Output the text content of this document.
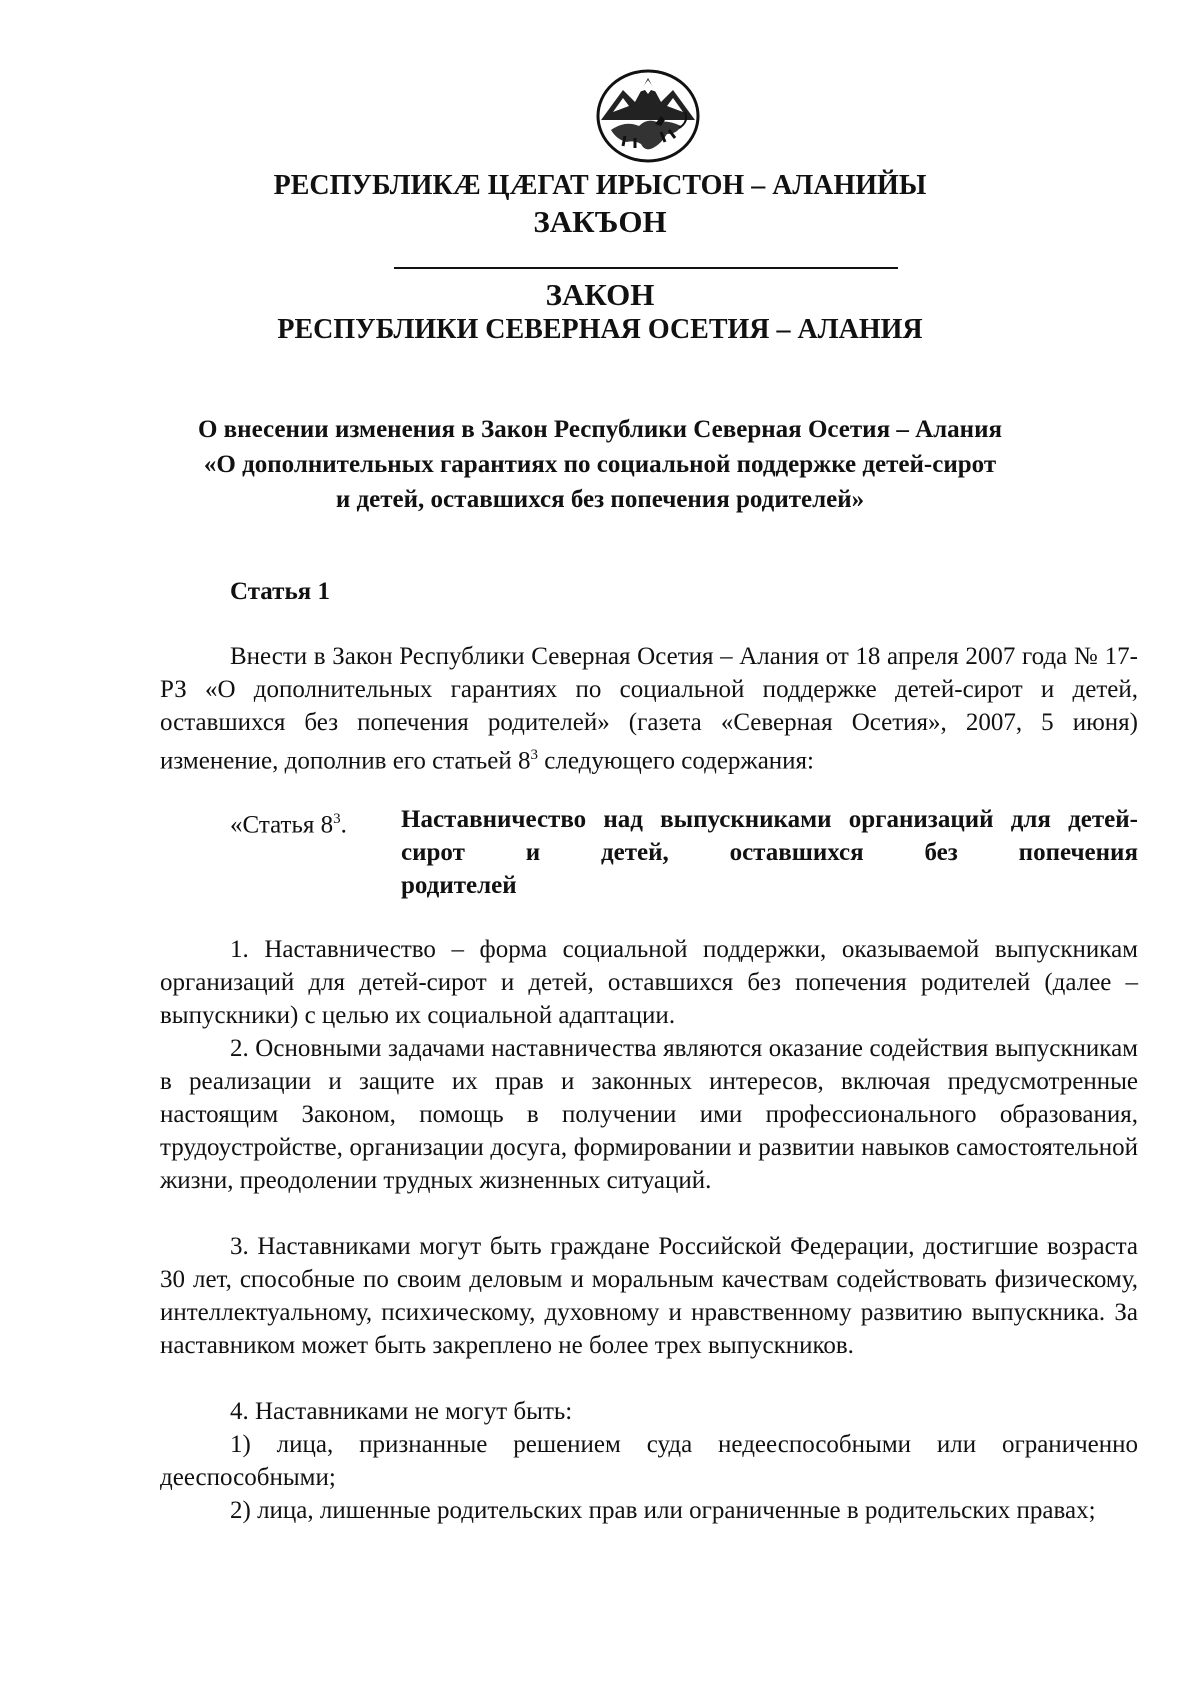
РЕСПУБЛИКÆ ЦÆГАТ ИРЫСТОН – АЛАНИЙЫ
ЗАКЪОН
ЗАКОН
РЕСПУБЛИКИ СЕВЕРНАЯ ОСЕТИЯ – АЛАНИЯ
О внесении изменения в Закон Республики Северная Осетия – Алания
«О дополнительных гарантиях по социальной поддержке детей-сирот
и детей, оставшихся без попечения родителей»
Статья 1

Внести в Закон Республики Северная Осетия – Алания от 18 апреля 2007 года № 17-РЗ «О дополнительных гарантиях по социальной поддержке детей-сирот и детей, оставшихся без попечения родителей» (газета «Северная Осетия», 2007, 5 июня) изменение, дополнив его статьей $8^3$ следующего содержания:

«Статья $8^3$. Наставничество над выпускниками организаций для детей-сирот и детей, оставшихся без попечения
родителей

1. Наставничество – форма социальной поддержки, оказываемой выпускникам организаций для детей-сирот и детей, оставшихся без попечения родителей (далее – выпускники) с целью их социальной адаптации.

2. Основными задачами наставничества являются оказание содействия выпускникам в реализации и защите их прав и законных интересов, включая предусмотренные настоящим Законом, помощь в получении ими профессионального образования, трудоустройстве, организации досуга, формировании и развитии навыков самостоятельной жизни, преодолении трудных жизненных ситуаций.

3. Наставниками могут быть граждане Российской Федерации, достигшие возраста 30 лет, способные по своим деловым и моральным качествам содействовать физическому, интеллектуальному, психическому, духовному и нравственному развитию выпускника. За наставником может быть закреплено не более трех выпускников.

4. Наставниками не могут быть:

1) лица, признанные решением суда недееспособными или ограниченно дееспособными;

2) лица, лишенные родительских прав или ограниченные в родительских правах;
